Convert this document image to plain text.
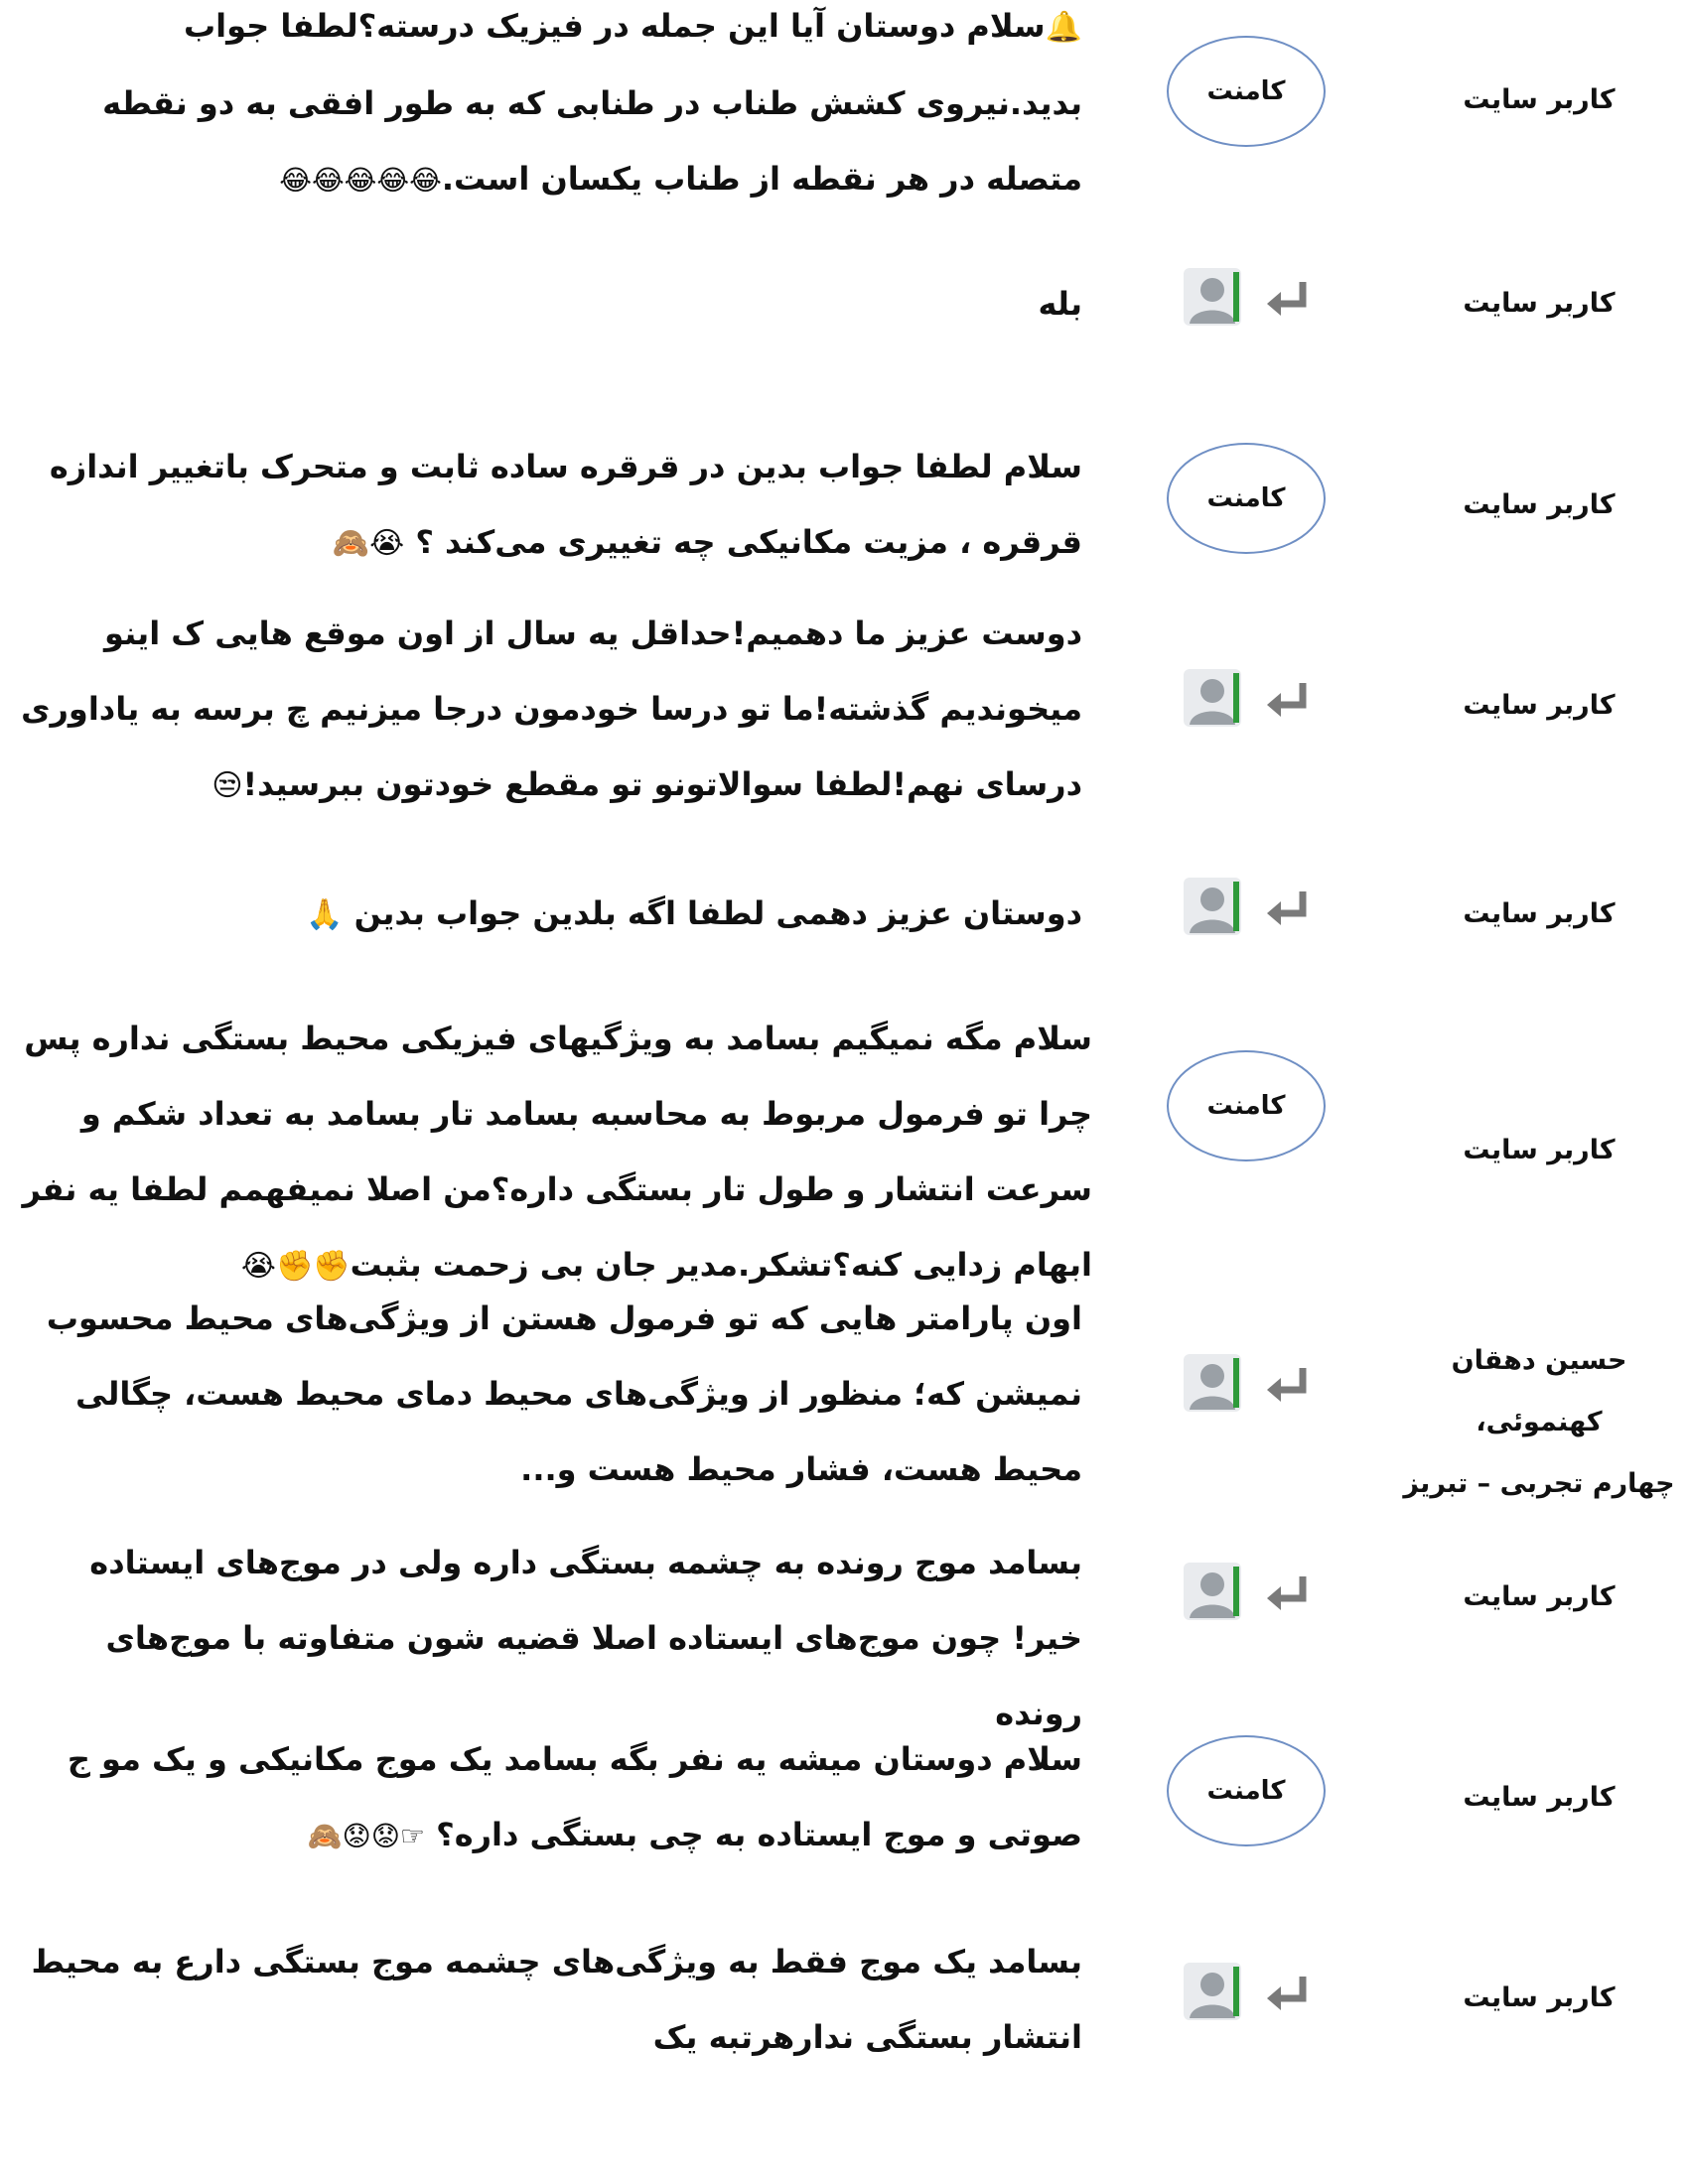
کاربر سایت
کامنت
🔔سلام دوستان آیا این جمله در فیزیک درسته؟لطفا جواب بدید.نیروی کشش طناب در طنابی که به طور افقی به دو نقطه متصله در هر نقطه از طناب یکسان است.😂😂😂😂😂
کاربر سایت
بله
کاربر سایت
کامنت
سلام لطفا جواب بدین در قرقره ساده ثابت و متحرک باتغییر اندازه قرقره ، مزیت مکانیکی چه تغییری می‌کند ؟ 😭🙈
کاربر سایت
دوست عزیز ما دهمیم!حداقل یه سال از اون موقع هایی ک اینو میخوندیم گذشته!ما تو درسا خودمون درجا میزنیم چ برسه به یاداوری درسای نهم!لطفا سوالاتونو تو مقطع خودتون ببرسید!😒
کاربر سایت
دوستان عزیز دهمی لطفا اگه بلدین جواب بدین 🙏
کاربر سایت
کامنت
سلام مگه نمیگیم بسامد به ویژگیهای فیزیکی محیط بستگی نداره پس چرا تو فرمول مربوط به محاسبه بسامد تار بسامد به تعداد شکم و سرعت انتشار و طول تار بستگی داره؟من اصلا نمیفهمم لطفا یه نفر ابهام زدایی کنه؟تشکر.مدیر جان بی زحمت بثبت✊✊😭
حسین دهقان کهنموئی،
چهارم تجربی – تبریز
اون پارامتر هایی که تو فرمول هستن از ویژگی‌های محیط محسوب نمیشن که؛ منظور از ویژگی‌های محیط دمای محیط هست، چگالی محیط هست، فشار محیط هست و...
کاربر سایت
بسامد موج رونده به چشمه بستگی داره ولی در موج‌های ایستاده خیر! چون موج‌های ایستاده اصلا قضیه شون متفاوته با موج‌های رونده
کاربر سایت
کامنت
سلام دوستان میشه یه نفر بگه بسامد یک موج مکانیکی و یک مو ج صوتی و موج ایستاده به چی بستگی داره؟ ☞😟😟🙈
کاربر سایت
بسامد یک موج فقط به ویژگی‌های چشمه موج بستگی دارع به محیط انتشار بستگی ندارهرتبه یک
